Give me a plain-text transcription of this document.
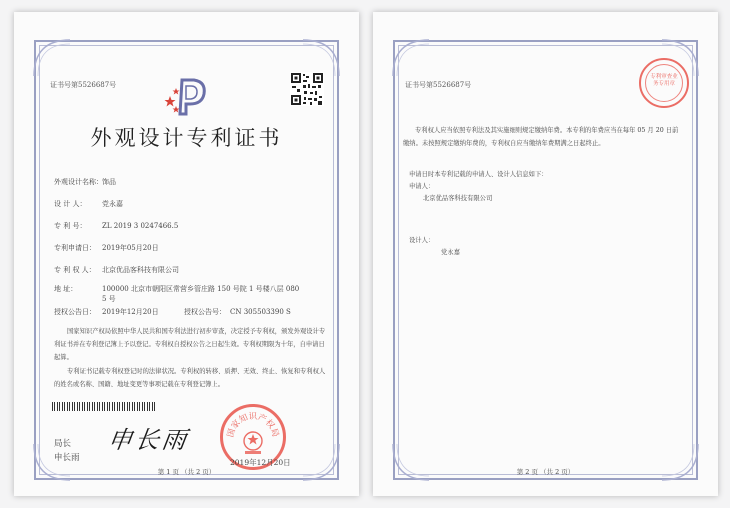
证书号第5526687号
外观设计专利证书
外观设计名称： 饰品
设 计 人： 党永嘉
专 利 号： ZL 2019 3 0247466.5
专利申请日： 2019年05月20日
专 利 权 人： 北京优品客科技有限公司
地 址：	100000 北京市朝阳区常营乡管庄路 150 号院 1 号楼八层 080
5 号
授权公告日： 2019年12月20日	授权公告号： CN 305503390 S

国家知识产权局依照中华人民共和国专利法进行初步审查，决定授予专利权，颁发外观设计专利证书并在专利登记簿上予以登记。专利权自授权公告之日起生效。专利权期限为十年，自申请日起算。

专利证书记载专利权登记时的法律状况。专利权的转移、质押、无效、终止、恢复和专利权人的姓名或名称、国籍、地址变更等事项记载在专利登记簿上。

局长
申长雨
申长雨	国家知识产权局
2019年12月20日
第 1 页 （共 2 页）
证书号第5526687号
专利审查业务专用章

专利权人应当依照专利法及其实施细则规定缴纳年费。本专利的年费应当在每年 05 月 20 日前缴纳。未按照规定缴纳年费的，专利权自应当缴纳年费期满之日起终止。

申请日时本专利记载的申请人、设计人信息如下：
申请人：
北京优品客科技有限公司
设计人：
党永嘉
第 2 页 （共 2 页）
